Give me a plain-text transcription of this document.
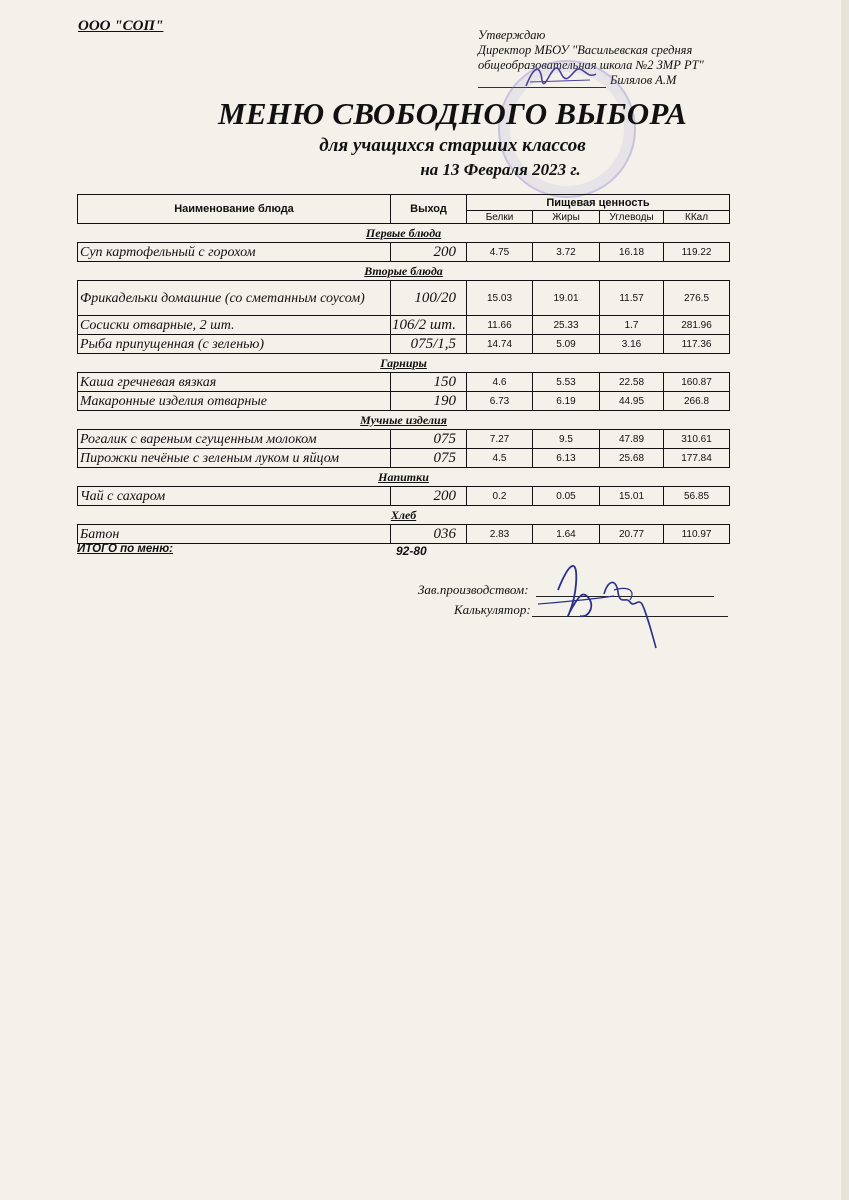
ООО "СОП"
Утверждаю
Директор МБОУ "Васильевская средняя
общеобразовательная школа №2 ЗМР РТ"
Билялов А.М
МЕНЮ СВОБОДНОГО ВЫБОРА
для учащихся старших классов
на 13 Февраля 2023 г.
Наименование блюда	Выход	Пищевая ценность			
		Белки	Жиры	Углеводы	ККал
Первые блюда					
Суп картофельный с горохом	200	4.75	3.72	16.18	119.22
Вторые блюда					
Фрикадельки домашние (со сметанным соусом)	100/20	15.03	19.01	11.57	276.5
Сосиски отварные, 2 шт.	106/2 шт.	11.66	25.33	1.7	281.96
Рыба припущенная (с зеленью)	075/1,5	14.74	5.09	3.16	117.36
Гарниры					
Каша гречневая вязкая	150	4.6	5.53	22.58	160.87
Макаронные изделия отварные	190	6.73	6.19	44.95	266.8
Мучные изделия					
Рогалик с вареным сгущенным молоком	075	7.27	9.5	47.89	310.61
Пирожки печёные с зеленым луком и яйцом	075	4.5	6.13	25.68	177.84
Напитки					
Чай с сахаром	200	0.2	0.05	15.01	56.85
Хлеб					
Батон	036	2.83	1.64	20.77	110.97
ИТОГО по меню:	92-80
Зав.производством:
Калькулятор:
